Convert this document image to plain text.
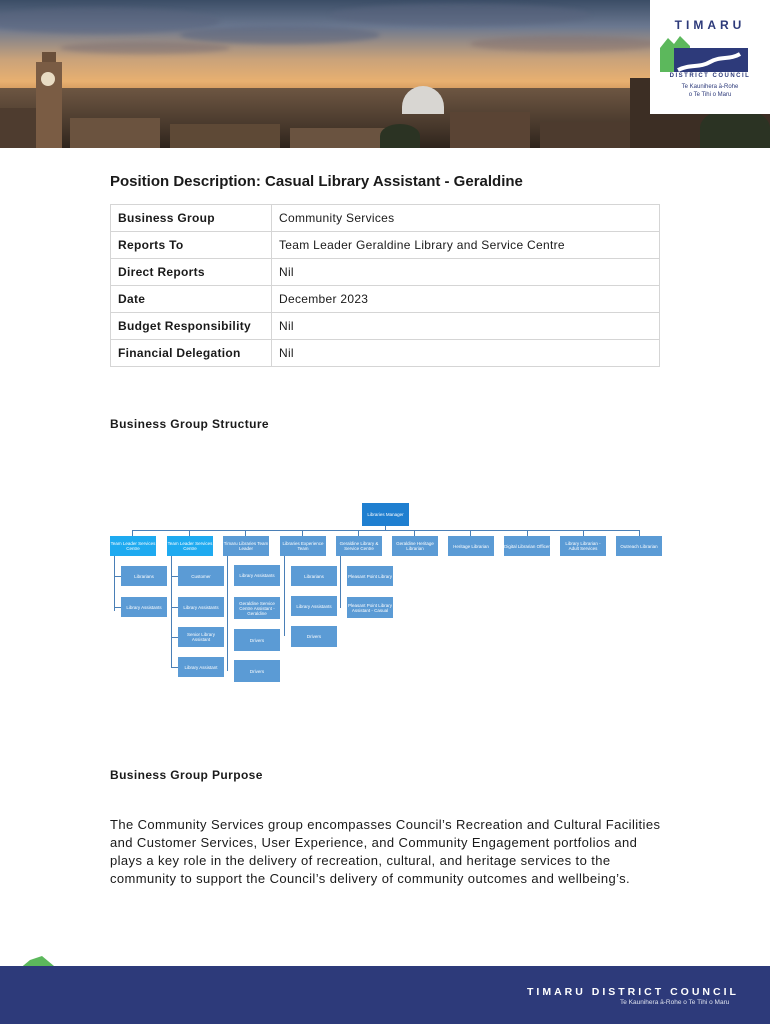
TIMARU
DISTRICT COUNCIL
Te Kaunihera ā-Rohe
o Te Tihi o Maru
Position Description: Casual Library Assistant - Geraldine
Business Group	Community Services
Reports To	Team Leader Geraldine Library and Service Centre
Direct Reports	Nil
Date	December 2023
Budget Responsibility	Nil
Financial Delegation	Nil
Business Group Structure
Libraries Manager
Team Leader Services Centre
Team Leader Services Centre
Timaru Libraries Team Leader
Libraries Experience Team
Geraldine Library & Service Centre
Geraldine Heritage Librarian	Heritage Librarian	Digital Librarian Officer	Library Librarian - Adult Services	Outreach Librarian
Librarians
Library Assistants
Customer
Library Assistants
Senior Library Assistant
Library Assistant
Library Assistants
Geraldine Service Centre Assistant - Geraldine
Drivers
Drivers
Librarians
Library Assistants
Drivers
Pleasant Point Library
Pleasant Point Library Assistant - Casual
Business Group Purpose
The Community Services group encompasses Council’s Recreation and Cultural Facilities and Customer Services, User Experience, and Community Engagement portfolios and plays a key role in the delivery of recreation, cultural, and heritage services to the community to support the Council’s delivery of community outcomes and wellbeing’s.
TIMARU DISTRICT COUNCIL
Te Kaunihera ā-Rohe o Te Tihi o Maru
